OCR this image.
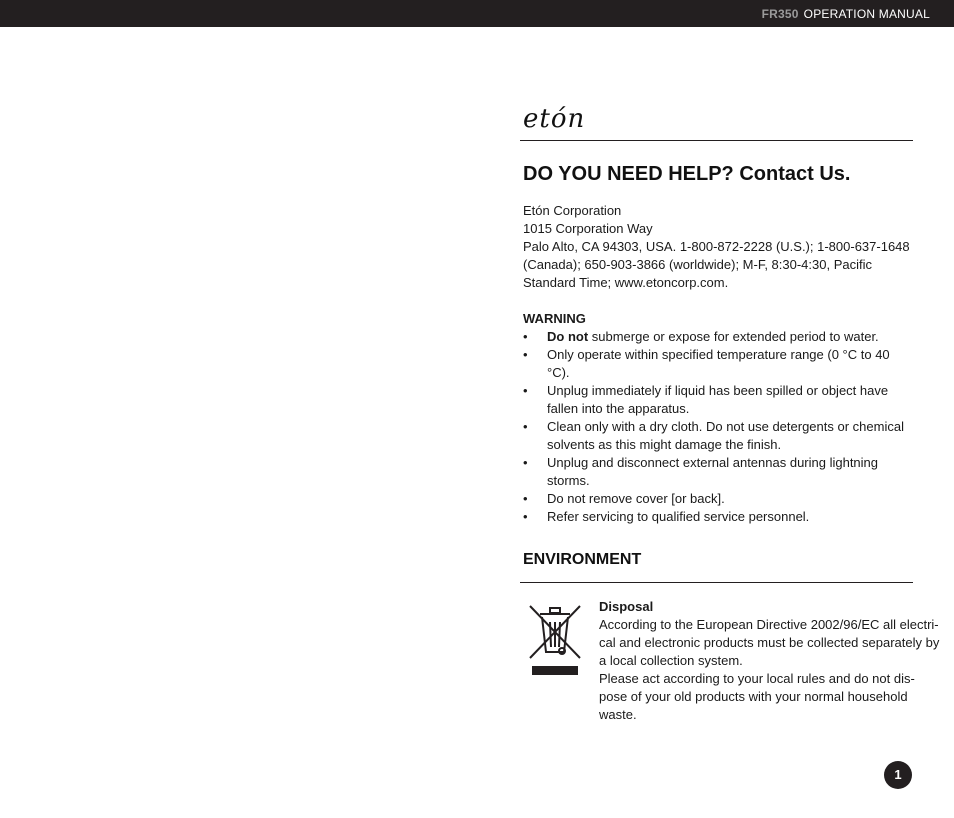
FR350 OPERATION MANUAL
etón
DO YOU NEED HELP? Contact Us.
Etón Corporation
1015 Corporation Way
Palo Alto, CA 94303, USA. 1-800-872-2228 (U.S.); 1-800-637-1648
(Canada); 650-903-3866 (worldwide); M-F, 8:30-4:30, Pacific
Standard Time; www.etoncorp.com.
WARNING
• Do not submerge or expose for extended period to water.
• Only operate within specified temperature range (0 °C to 40 °C).
• Unplug immediately if liquid has been spilled or object have fallen into the apparatus.
• Clean only with a dry cloth. Do not use detergents or chemical solvents as this might damage the finish.
• Unplug and disconnect external antennas during lightning storms.
• Do not remove cover [or back].
• Refer servicing to qualified service personnel.
ENVIRONMENT
Disposal
According to the European Directive 2002/96/EC all electri-
cal and electronic products must be collected separately by
a local collection system.
Please act according to your local rules and do not dis-
pose of your old products with your normal household
waste.
1
